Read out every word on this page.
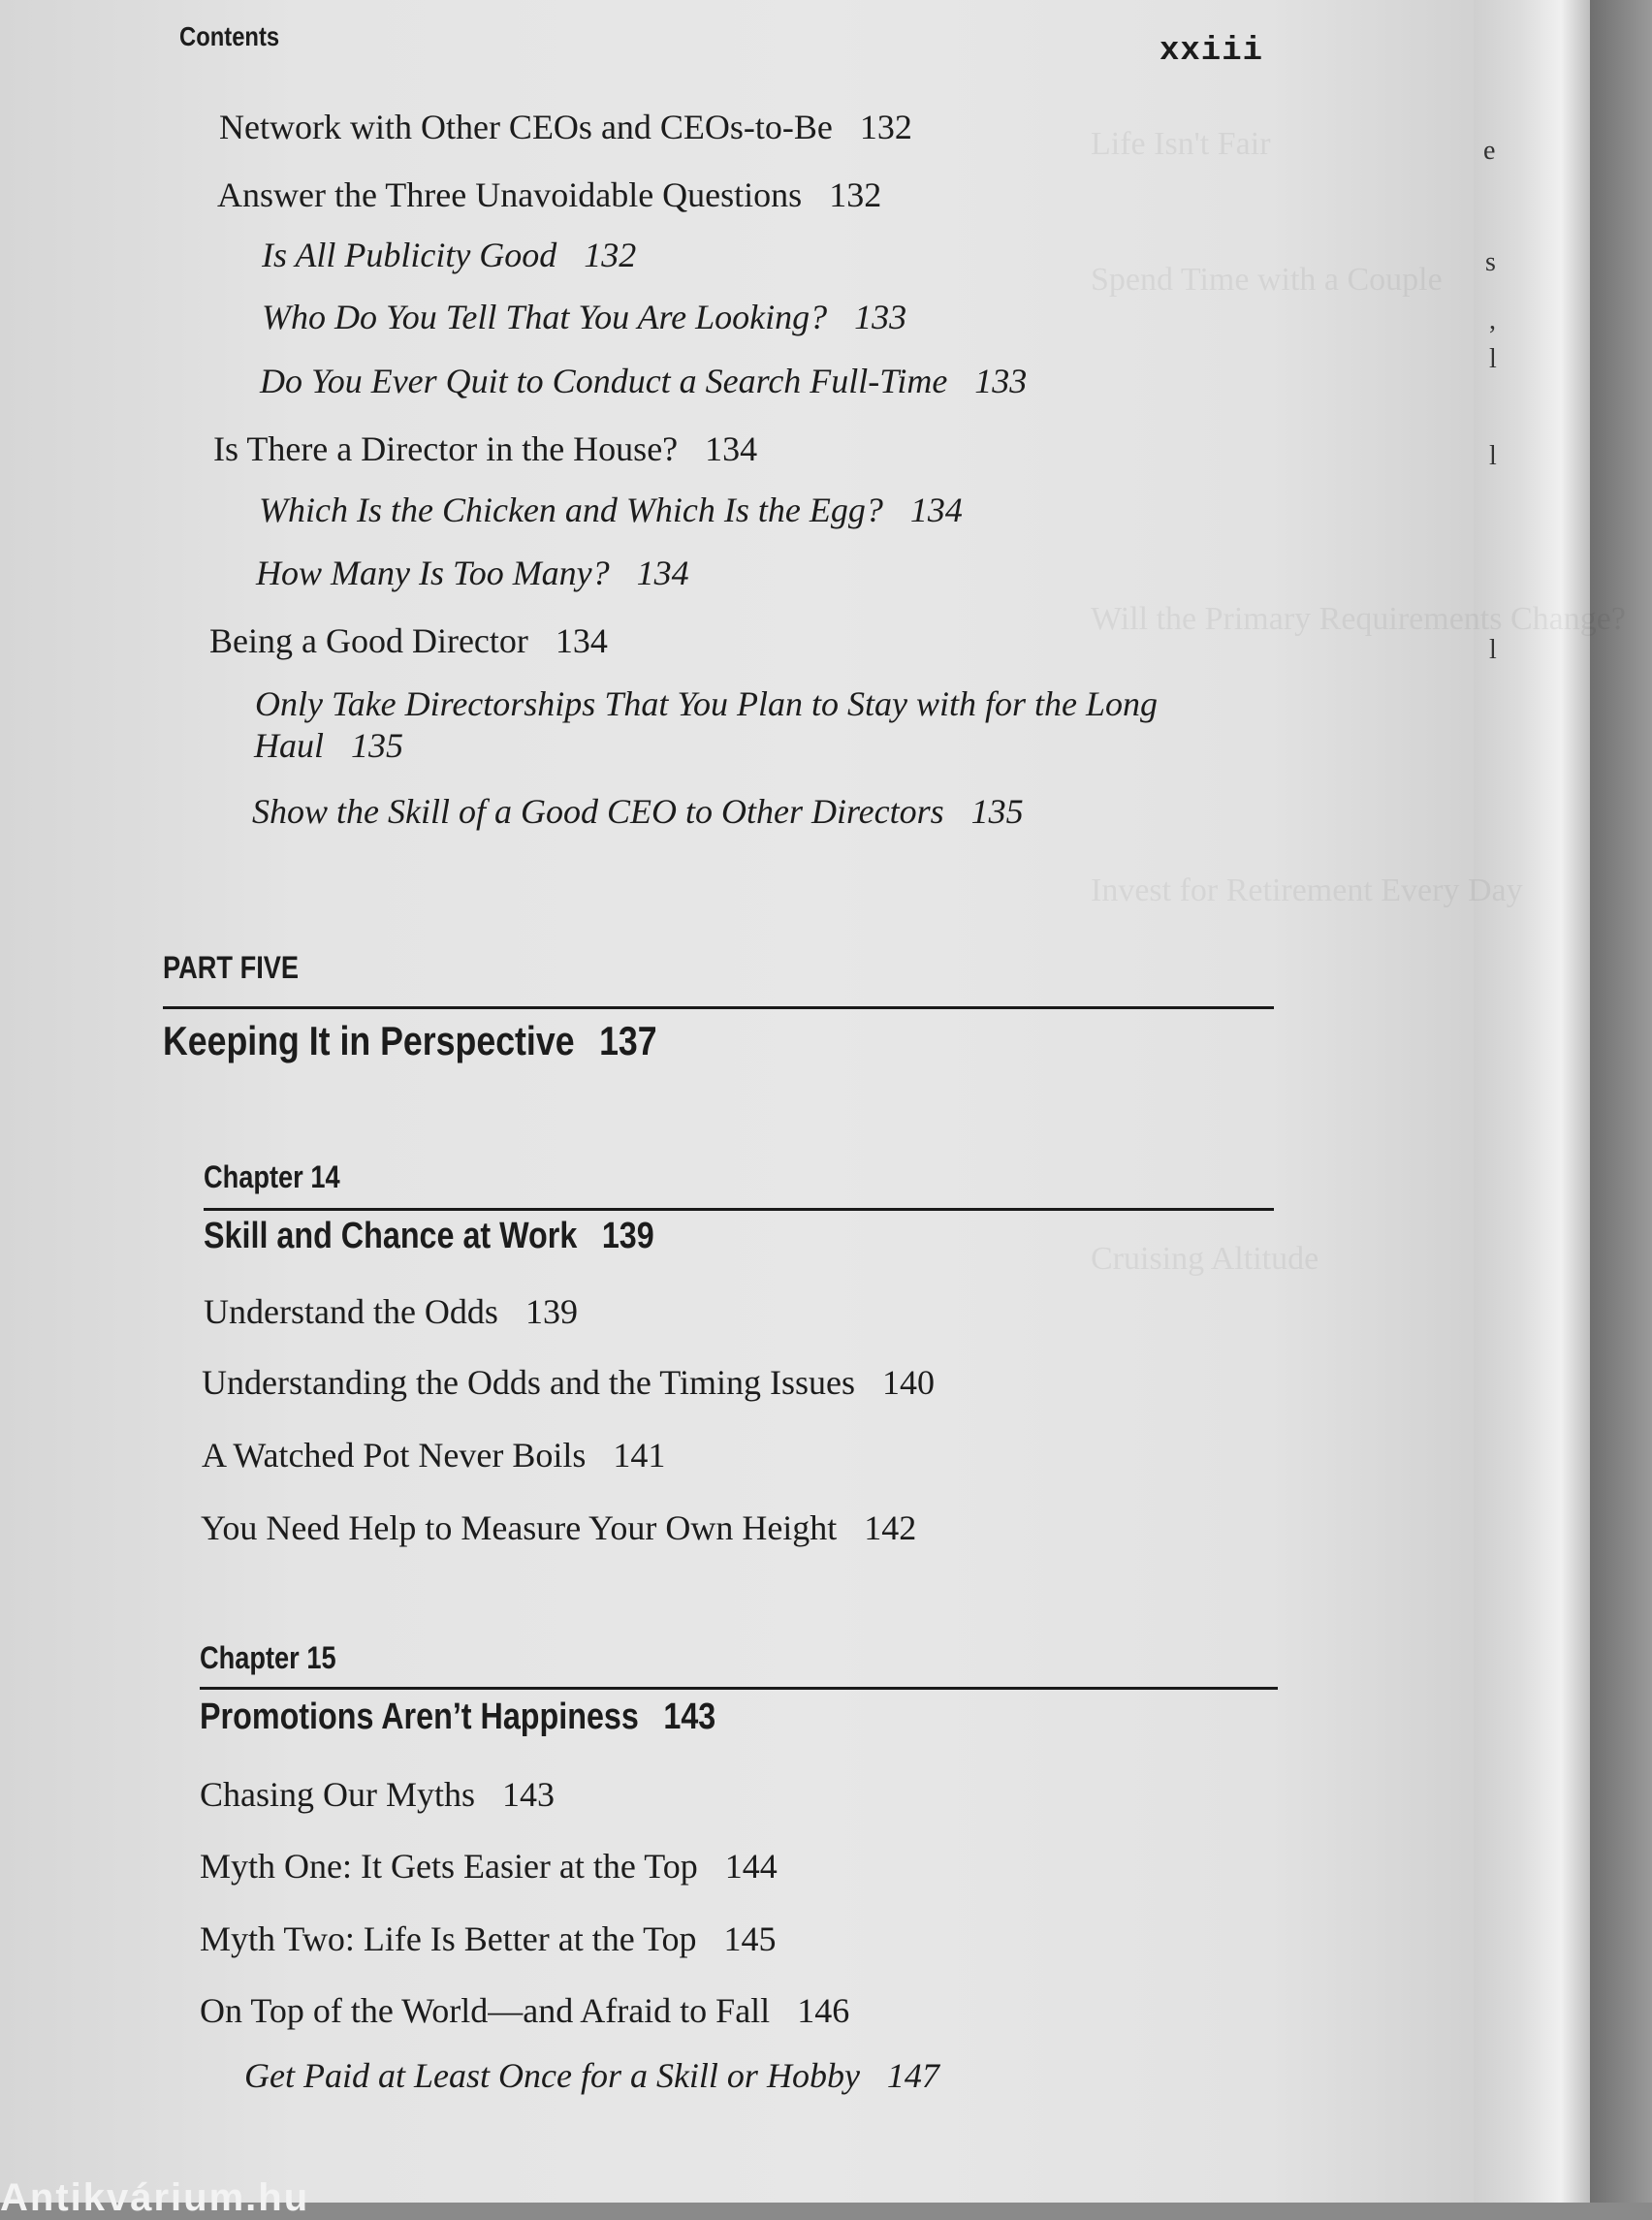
Life Isn't Fair
Spend Time with a Couple
Will the Primary Requirements Change?
Invest for Retirement Every Day
Cruising Altitude
e
s
,
l
l
l
Contents	xxiii
Network with Other CEOs and CEOs-to-Be 132
Answer the Three Unavoidable Questions 132
Is All Publicity Good 132
Who Do You Tell That You Are Looking? 133
Do You Ever Quit to Conduct a Search Full-Time 133
Is There a Director in the House? 134
Which Is the Chicken and Which Is the Egg? 134
How Many Is Too Many? 134
Being a Good Director 134
Only Take Directorships That You Plan to Stay with for the Long
Haul 135
Show the Skill of a Good CEO to Other Directors 135
PART FIVE
Keeping It in Perspective 137
Chapter 14
Skill and Chance at Work 139
Understand the Odds 139
Understanding the Odds and the Timing Issues 140
A Watched Pot Never Boils 141
You Need Help to Measure Your Own Height 142
Chapter 15
Promotions Aren’t Happiness 143
Chasing Our Myths 143
Myth One: It Gets Easier at the Top 144
Myth Two: Life Is Better at the Top 145
On Top of the World—and Afraid to Fall 146
Get Paid at Least Once for a Skill or Hobby 147
Antikvárium.hu
